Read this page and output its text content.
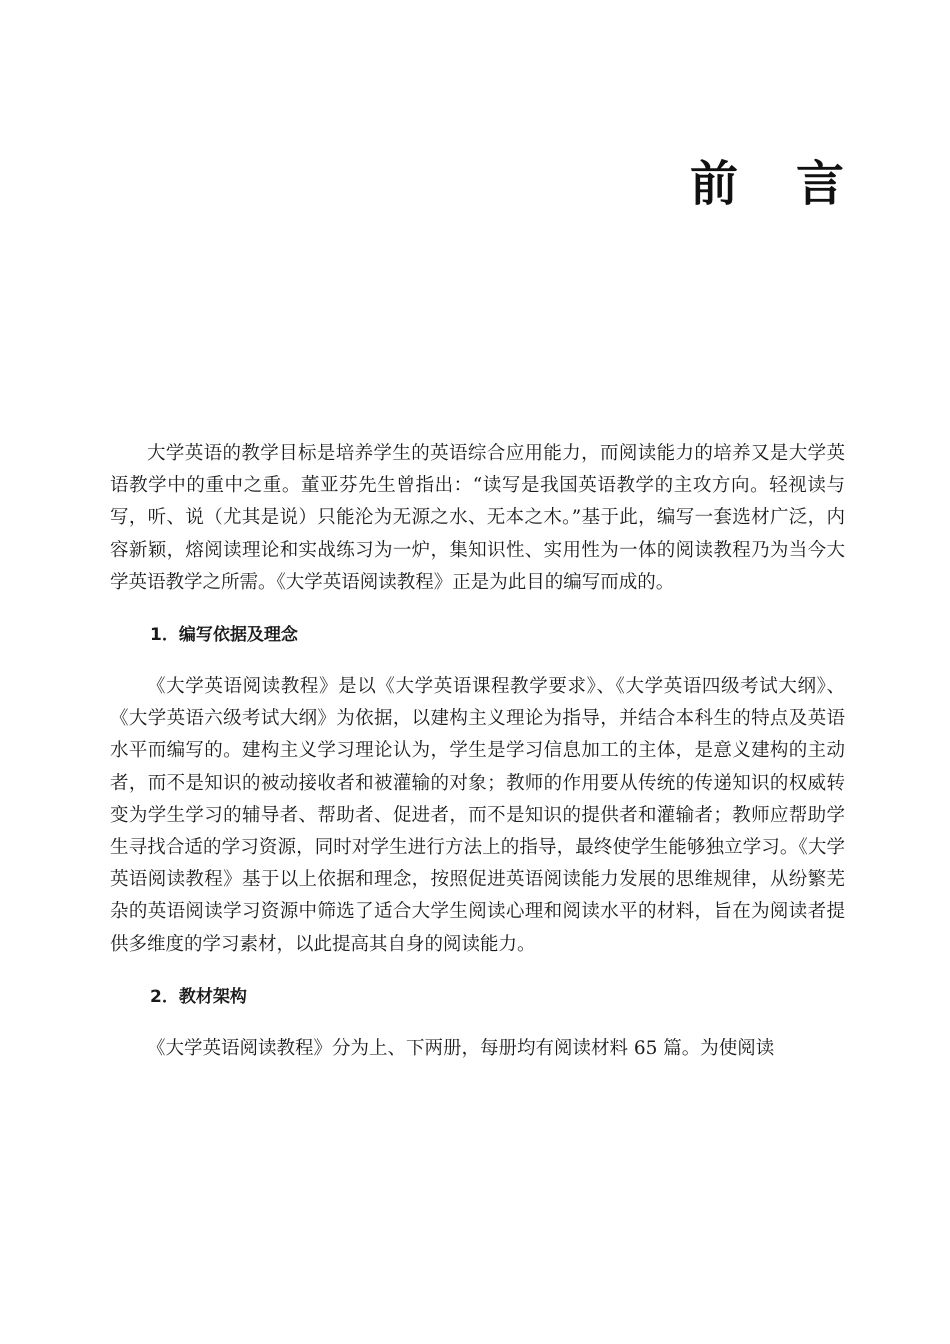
前 言

大学英语的教学目标是培养学生的英语综合应用能力，而阅读能力的培养又是大学英语教学中的重中之重。董亚芬先生曾指出：“读写是我国英语教学的主攻方向。轻视读与写，听、说（尤其是说）只能沦为无源之水、无本之木。”基于此，编写一套选材广泛，内容新颖，熔阅读理论和实战练习为一炉，集知识性、实用性为一体的阅读教程乃为当今大学英语教学之所需。《大学英语阅读教程》正是为此目的编写而成的。

1．编写依据及理念

《大学英语阅读教程》是以《大学英语课程教学要求》、《大学英语四级考试大纲》、《大学英语六级考试大纲》为依据，以建构主义理论为指导，并结合本科生的特点及英语水平而编写的。建构主义学习理论认为，学生是学习信息加工的主体，是意义建构的主动者，而不是知识的被动接收者和被灌输的对象；教师的作用要从传统的传递知识的权威转变为学生学习的辅导者、帮助者、促进者，而不是知识的提供者和灌输者；教师应帮助学生寻找合适的学习资源，同时对学生进行方法上的指导，最终使学生能够独立学习。《大学英语阅读教程》基于以上依据和理念，按照促进英语阅读能力发展的思维规律，从纷繁芜杂的英语阅读学习资源中筛选了适合大学生阅读心理和阅读水平的材料，旨在为阅读者提供多维度的学习素材，以此提高其自身的阅读能力。

2．教材架构

《大学英语阅读教程》分为上、下两册，每册均有阅读材料 65 篇。为使阅读
